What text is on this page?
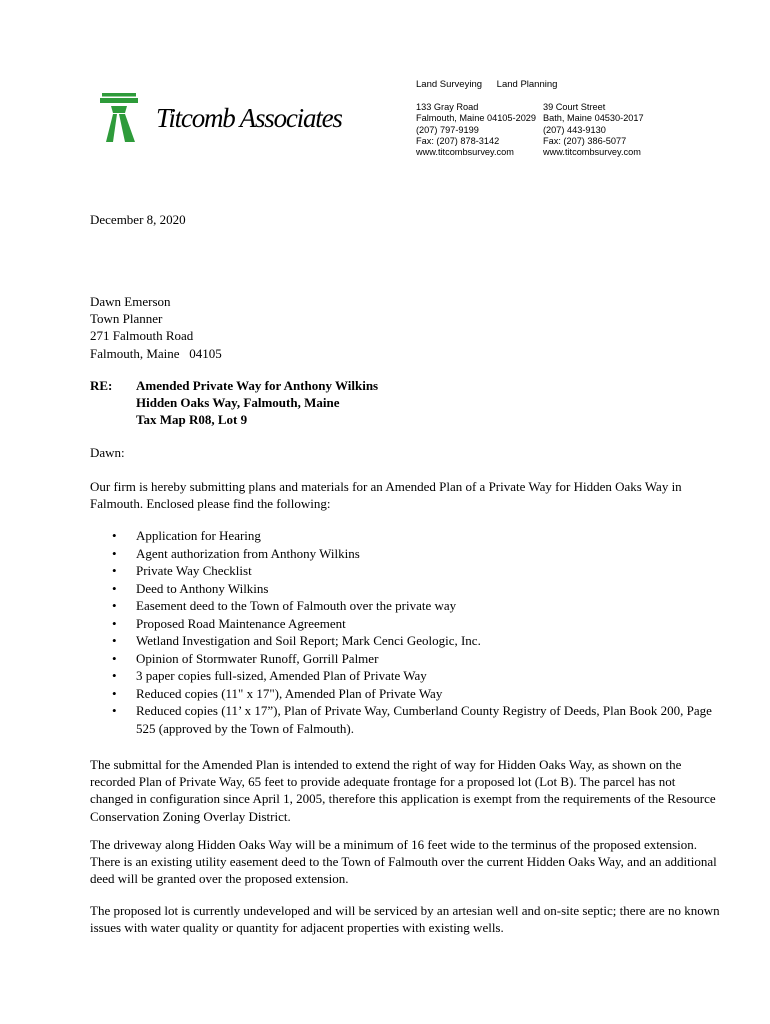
Titcomb Associates
Land Surveying Land Planning
133 Gray Road
Falmouth, Maine 04105-2029
(207) 797-9199
Fax: (207) 878-3142
www.titcombsurvey.com
39 Court Street
Bath, Maine 04530-2017
(207) 443-9130
Fax: (207) 386-5077
www.titcombsurvey.com
December 8, 2020
Dawn Emerson
Town Planner
271 Falmouth Road
Falmouth, Maine   04105
RE: Amended Private Way for Anthony Wilkins
Hidden Oaks Way, Falmouth, Maine
Tax Map R08, Lot 9
Dawn:
Our firm is hereby submitting plans and materials for an Amended Plan of a Private Way for Hidden Oaks Way in Falmouth. Enclosed please find the following:
• Application for Hearing
• Agent authorization from Anthony Wilkins
• Private Way Checklist
• Deed to Anthony Wilkins
• Easement deed to the Town of Falmouth over the private way
• Proposed Road Maintenance Agreement
• Wetland Investigation and Soil Report; Mark Cenci Geologic, Inc.
• Opinion of Stormwater Runoff, Gorrill Palmer
• 3 paper copies full-sized, Amended Plan of Private Way
• Reduced copies (11" x 17"), Amended Plan of Private Way
• Reduced copies (11’ x 17”), Plan of Private Way, Cumberland County Registry of Deeds, Plan Book 200, Page 525 (approved by the Town of Falmouth).
The submittal for the Amended Plan is intended to extend the right of way for Hidden Oaks Way, as shown on the recorded Plan of Private Way, 65 feet to provide adequate frontage for a proposed lot (Lot B). The parcel has not changed in configuration since April 1, 2005, therefore this application is exempt from the requirements of the Resource Conservation Zoning Overlay District.
The driveway along Hidden Oaks Way will be a minimum of 16 feet wide to the terminus of the proposed extension. There is an existing utility easement deed to the Town of Falmouth over the current Hidden Oaks Way, and an additional deed will be granted over the proposed extension.
The proposed lot is currently undeveloped and will be serviced by an artesian well and on-site septic; there are no known issues with water quality or quantity for adjacent properties with existing wells.
